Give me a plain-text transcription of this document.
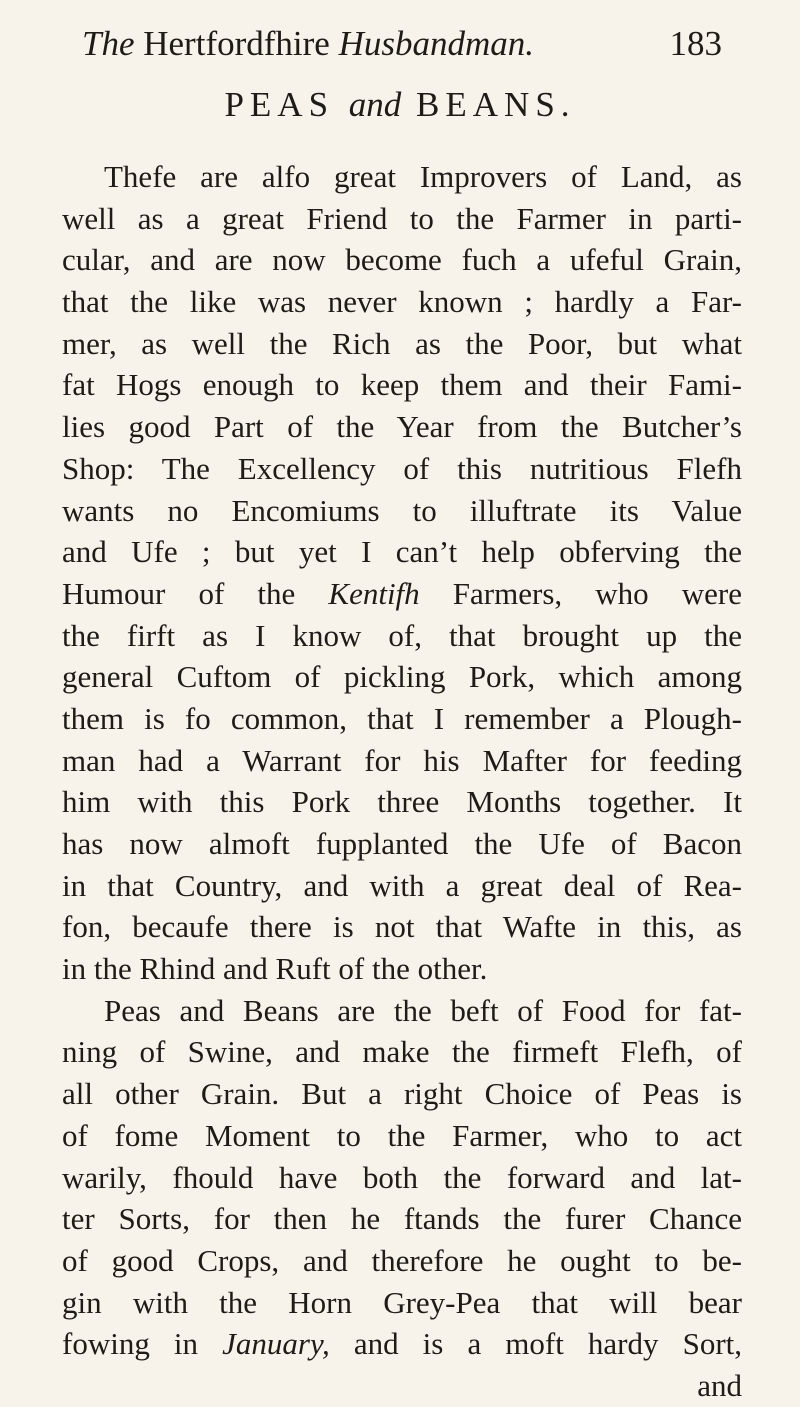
The Hertfordfhire Husbandman.	183
PEAS and BEANS.
Thefe are alfo great Improvers of Land, as
well as a great Friend to the Farmer in parti-
cular, and are now become fuch a ufeful Grain,
that the like was never known ; hardly a Far-
mer, as well the Rich as the Poor, but what
fat Hogs enough to keep them and their Fami-
lies good Part of the Year from the Butcher’s
Shop: The Excellency of this nutritious Flefh
wants no Encomiums to illuftrate its Value
and Ufe ; but yet I can’t help obferving the
Humour of the Kentifh Farmers, who were
the firft as I know of, that brought up the
general Cuftom of pickling Pork, which among
them is fo common, that I remember a Plough-
man had a Warrant for his Mafter for feeding
him with this Pork three Months together. It
has now almoft fupplanted the Ufe of Bacon
in that Country, and with a great deal of Rea-
fon, becaufe there is not that Wafte in this, as
in the Rhind and Ruft of the other.
Peas and Beans are the beft of Food for fat-
ning of Swine, and make the firmeft Flefh, of
all other Grain. But a right Choice of Peas is
of fome Moment to the Farmer, who to act
warily, fhould have both the forward and lat-
ter Sorts, for then he ftands the furer Chance
of good Crops, and therefore he ought to be-
gin with the Horn Grey-Pea that will bear
fowing in January, and is a moft hardy Sort,
and
